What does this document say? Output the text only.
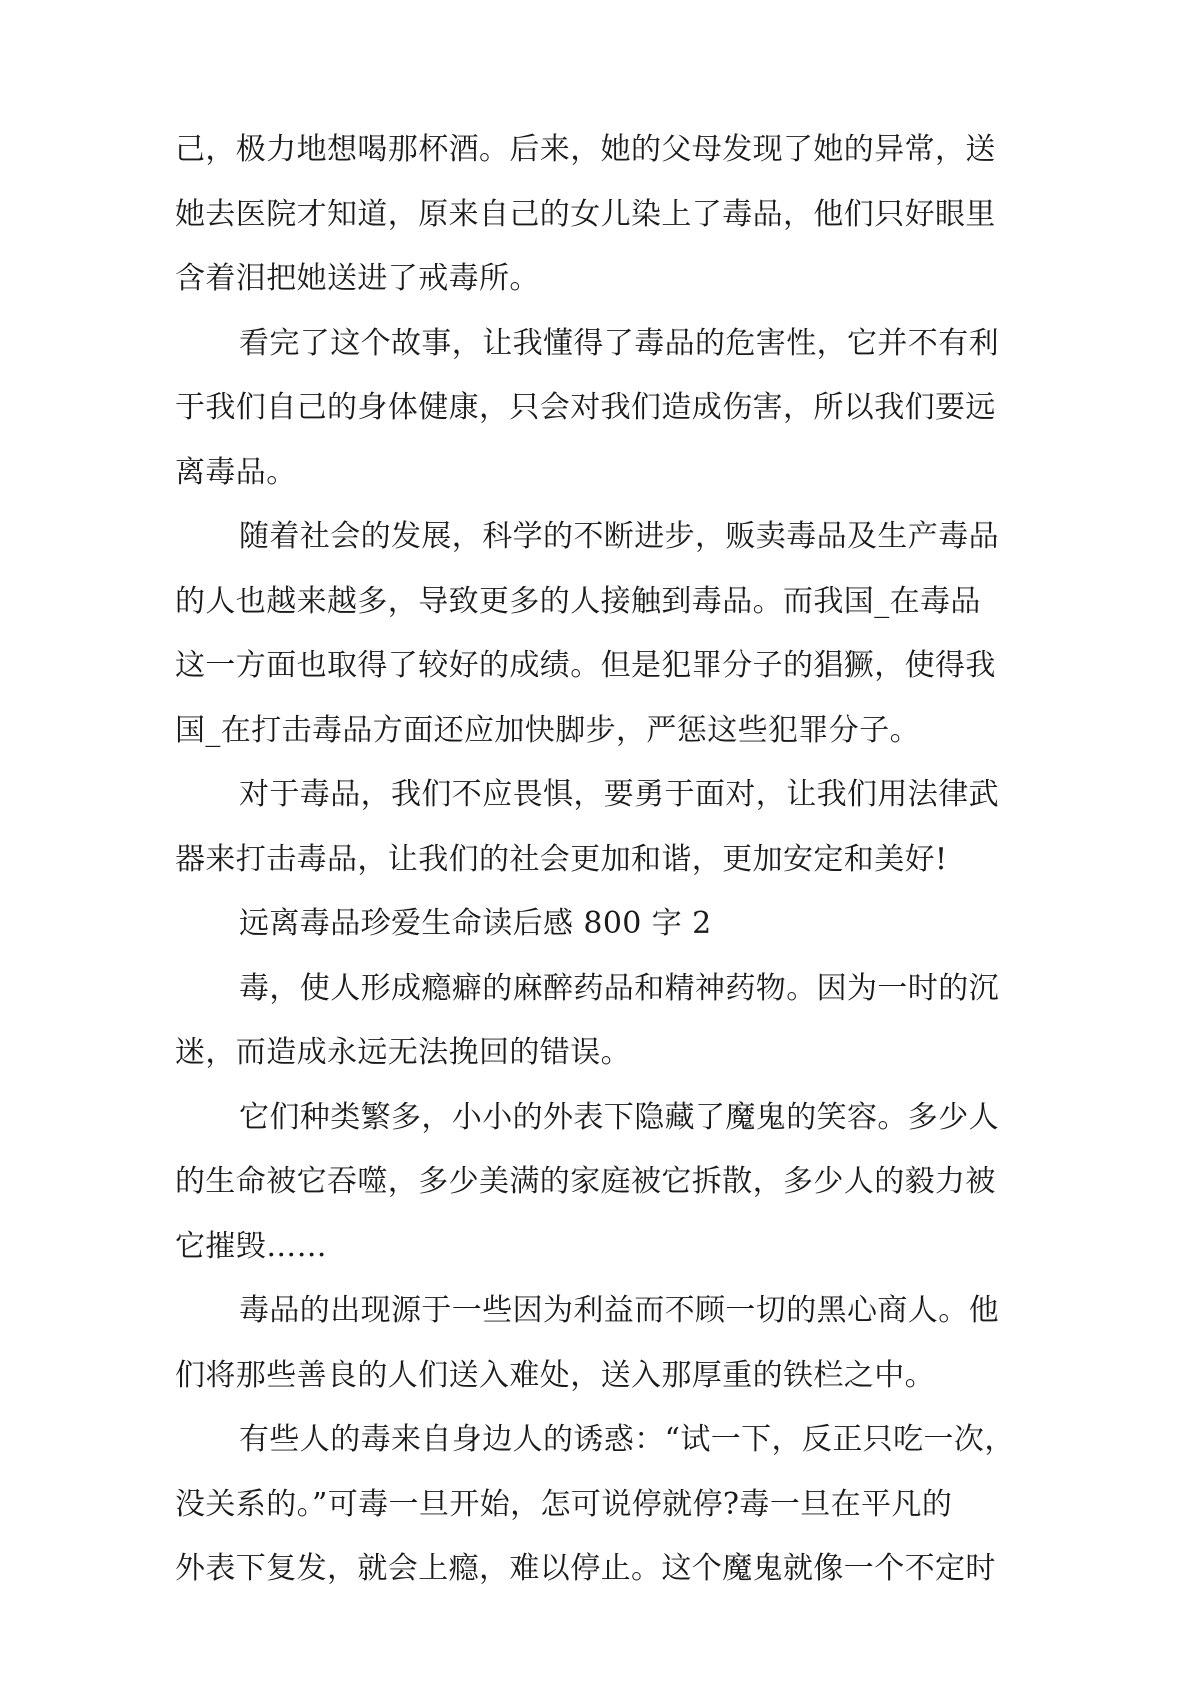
己，极力地想喝那杯酒。后来，她的父母发现了她的异常，送
她去医院才知道，原来自己的女儿染上了毒品，他们只好眼里
含着泪把她送进了戒毒所。
看完了这个故事，让我懂得了毒品的危害性，它并不有利
于我们自己的身体健康，只会对我们造成伤害，所以我们要远
离毒品。
随着社会的发展，科学的不断进步，贩卖毒品及生产毒品
的人也越来越多，导致更多的人接触到毒品。而我国_在毒品
这一方面也取得了较好的成绩。但是犯罪分子的猖獗，使得我
国_在打击毒品方面还应加快脚步，严惩这些犯罪分子。
对于毒品，我们不应畏惧，要勇于面对，让我们用法律武
器来打击毒品，让我们的社会更加和谐，更加安定和美好!
远离毒品珍爱生命读后感 800 字 2
毒，使人形成瘾癖的麻醉药品和精神药物。因为一时的沉
迷，而造成永远无法挽回的错误。
它们种类繁多，小小的外表下隐藏了魔鬼的笑容。多少人
的生命被它吞噬，多少美满的家庭被它拆散，多少人的毅力被
它摧毁……
毒品的出现源于一些因为利益而不顾一切的黑心商人。他
们将那些善良的人们送入难处，送入那厚重的铁栏之中。
有些人的毒来自身边人的诱惑：“试一下，反正只吃一次，
没关系的。”可毒一旦开始，怎可说停就停?毒一旦在平凡的
外表下复发，就会上瘾，难以停止。这个魔鬼就像一个不定时
